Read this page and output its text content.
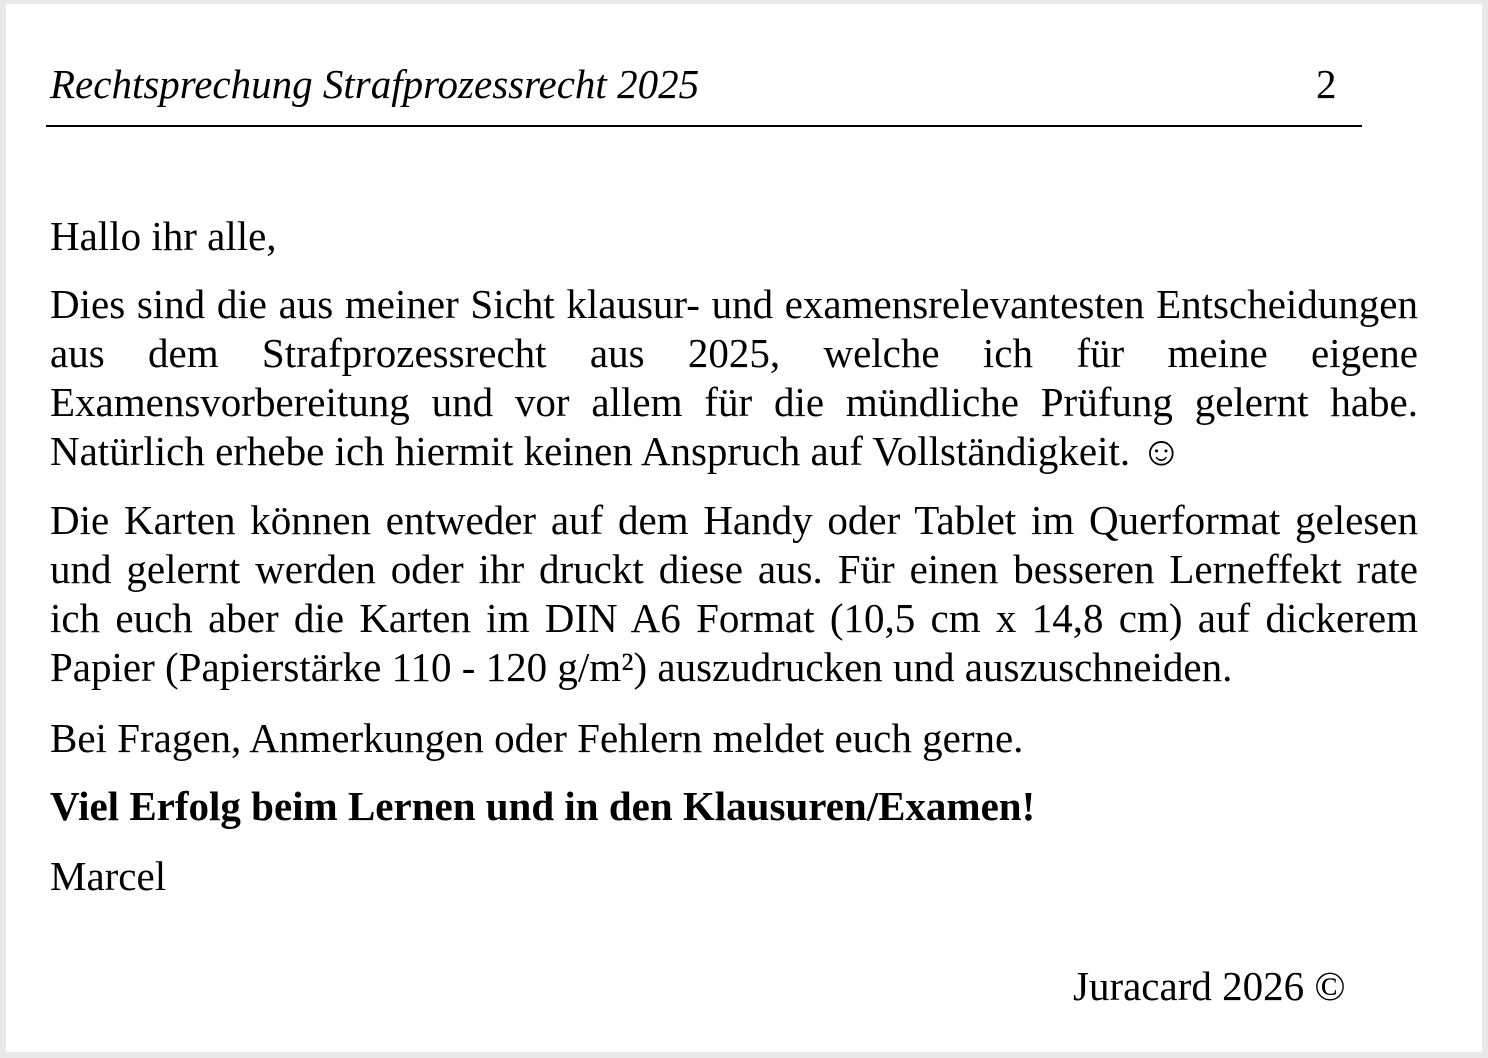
Rechtsprechung Strafprozessrecht 2025	2

Hallo ihr alle,

Dies sind die aus meiner Sicht klausur- und examensrelevantesten Entscheidungen aus dem Strafprozessrecht aus 2025, welche ich für meine eigene Examensvorbereitung und vor allem für die mündliche Prüfung gelernt habe. Natürlich erhebe ich hiermit keinen Anspruch auf Vollständigkeit. ☺

Die Karten können entweder auf dem Handy oder Tablet im Querformat gelesen und gelernt werden oder ihr druckt diese aus. Für einen besseren Lerneffekt rate ich euch aber die Karten im DIN A6 Format (10,5 cm x 14,8 cm) auf dickerem Papier (Papierstärke 110 - 120 g/m²) auszudrucken und auszuschneiden.

Bei Fragen, Anmerkungen oder Fehlern meldet euch gerne.

Viel Erfolg beim Lernen und in den Klausuren/Examen!

Marcel

Juracard 2026 ©
